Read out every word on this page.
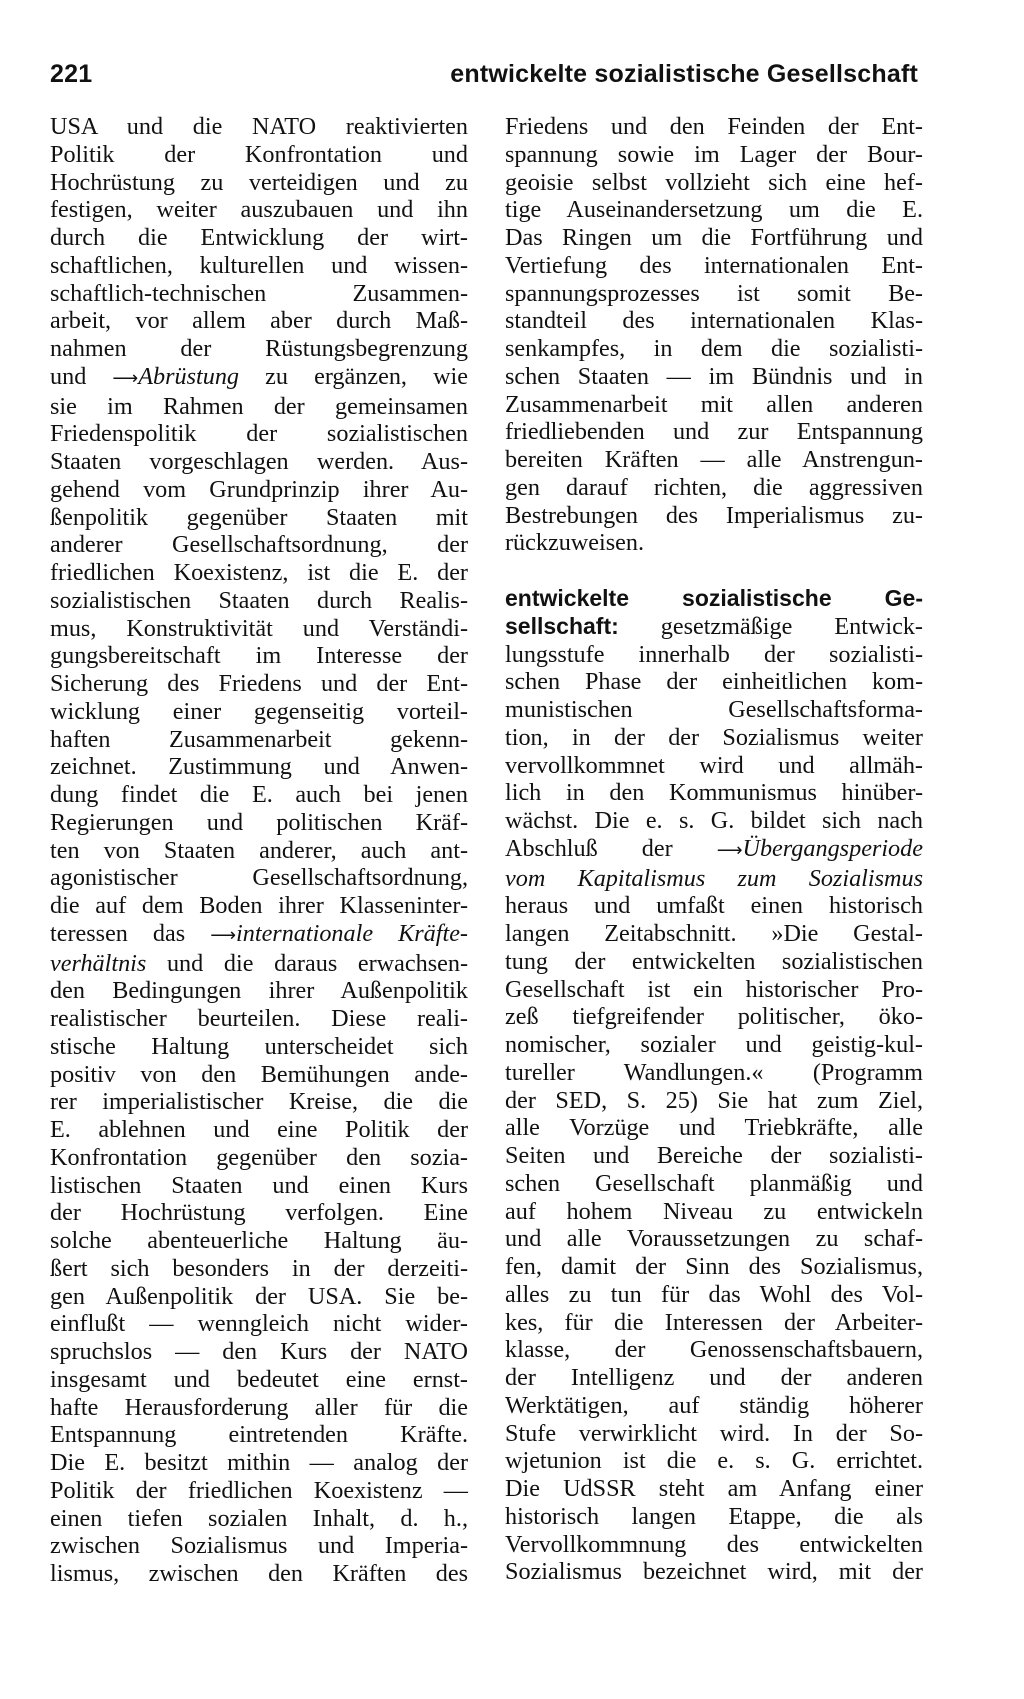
221	entwickelte sozialistische Gesellschaft
USA und die NATO reaktivierten
Politik der Konfrontation und
Hochrüstung zu verteidigen und zu
festigen, weiter auszubauen und ihn
durch die Entwicklung der wirt-
schaftlichen, kulturellen und wissen-
schaftlich-technischen Zusammen-
arbeit, vor allem aber durch Maß-
nahmen der Rüstungsbegrenzung
und ⟶Abrüstung zu ergänzen, wie
sie im Rahmen der gemeinsamen
Friedenspolitik der sozialistischen
Staaten vorgeschlagen werden. Aus-
gehend vom Grundprinzip ihrer Au-
ßenpolitik gegenüber Staaten mit
anderer Gesellschaftsordnung, der
friedlichen Koexistenz, ist die E. der
sozialistischen Staaten durch Realis-
mus, Konstruktivität und Verständi-
gungsbereitschaft im Interesse der
Sicherung des Friedens und der Ent-
wicklung einer gegenseitig vorteil-
haften Zusammenarbeit gekenn-
zeichnet. Zustimmung und Anwen-
dung findet die E. auch bei jenen
Regierungen und politischen Kräf-
ten von Staaten anderer, auch ant-
agonistischer Gesellschaftsordnung,
die auf dem Boden ihrer Klasseninter-
teressen das ⟶internationale Kräfte-
verhältnis und die daraus erwachsen-
den Bedingungen ihrer Außenpolitik
realistischer beurteilen. Diese reali-
stische Haltung unterscheidet sich
positiv von den Bemühungen ande-
rer imperialistischer Kreise, die die
E. ablehnen und eine Politik der
Konfrontation gegenüber den sozia-
listischen Staaten und einen Kurs
der Hochrüstung verfolgen. Eine
solche abenteuerliche Haltung äu-
ßert sich besonders in der derzeiti-
gen Außenpolitik der USA. Sie be-
einflußt — wenngleich nicht wider-
spruchslos — den Kurs der NATO
insgesamt und bedeutet eine ernst-
hafte Herausforderung aller für die
Entspannung eintretenden Kräfte.
Die E. besitzt mithin — analog der
Politik der friedlichen Koexistenz —
einen tiefen sozialen Inhalt, d. h.,
zwischen Sozialismus und Imperia-
lismus, zwischen den Kräften des
Friedens und den Feinden der Ent-
spannung sowie im Lager der Bour-
geoisie selbst vollzieht sich eine hef-
tige Auseinandersetzung um die E.
Das Ringen um die Fortführung und
Vertiefung des internationalen Ent-
spannungsprozesses ist somit Be-
standteil des internationalen Klas-
senkampfes, in dem die sozialisti-
schen Staaten — im Bündnis und in
Zusammenarbeit mit allen anderen
friedliebenden und zur Entspannung
bereiten Kräften — alle Anstrengun-
gen darauf richten, die aggressiven
Bestrebungen des Imperialismus zu-
rückzuweisen.
entwickelte sozialistische Ge-
sellschaft: gesetzmäßige Entwick-
lungsstufe innerhalb der sozialisti-
schen Phase der einheitlichen kom-
munistischen Gesellschaftsforma-
tion, in der der Sozialismus weiter
vervollkommnet wird und allmäh-
lich in den Kommunismus hinüber-
wächst. Die e. s. G. bildet sich nach
Abschluß der ⟶Übergangsperiode
vom Kapitalismus zum Sozialismus
heraus und umfaßt einen historisch
langen Zeitabschnitt. »Die Gestal-
tung der entwickelten sozialistischen
Gesellschaft ist ein historischer Pro-
zeß tiefgreifender politischer, öko-
nomischer, sozialer und geistig-kul-
tureller Wandlungen.« (Programm
der SED, S. 25) Sie hat zum Ziel,
alle Vorzüge und Triebkräfte, alle
Seiten und Bereiche der sozialisti-
schen Gesellschaft planmäßig und
auf hohem Niveau zu entwickeln
und alle Voraussetzungen zu schaf-
fen, damit der Sinn des Sozialismus,
alles zu tun für das Wohl des Vol-
kes, für die Interessen der Arbeiter-
klasse, der Genossenschaftsbauern,
der Intelligenz und der anderen
Werktätigen, auf ständig höherer
Stufe verwirklicht wird. In der So-
wjetunion ist die e. s. G. errichtet.
Die UdSSR steht am Anfang einer
historisch langen Etappe, die als
Vervollkommnung des entwickelten
Sozialismus bezeichnet wird, mit der
